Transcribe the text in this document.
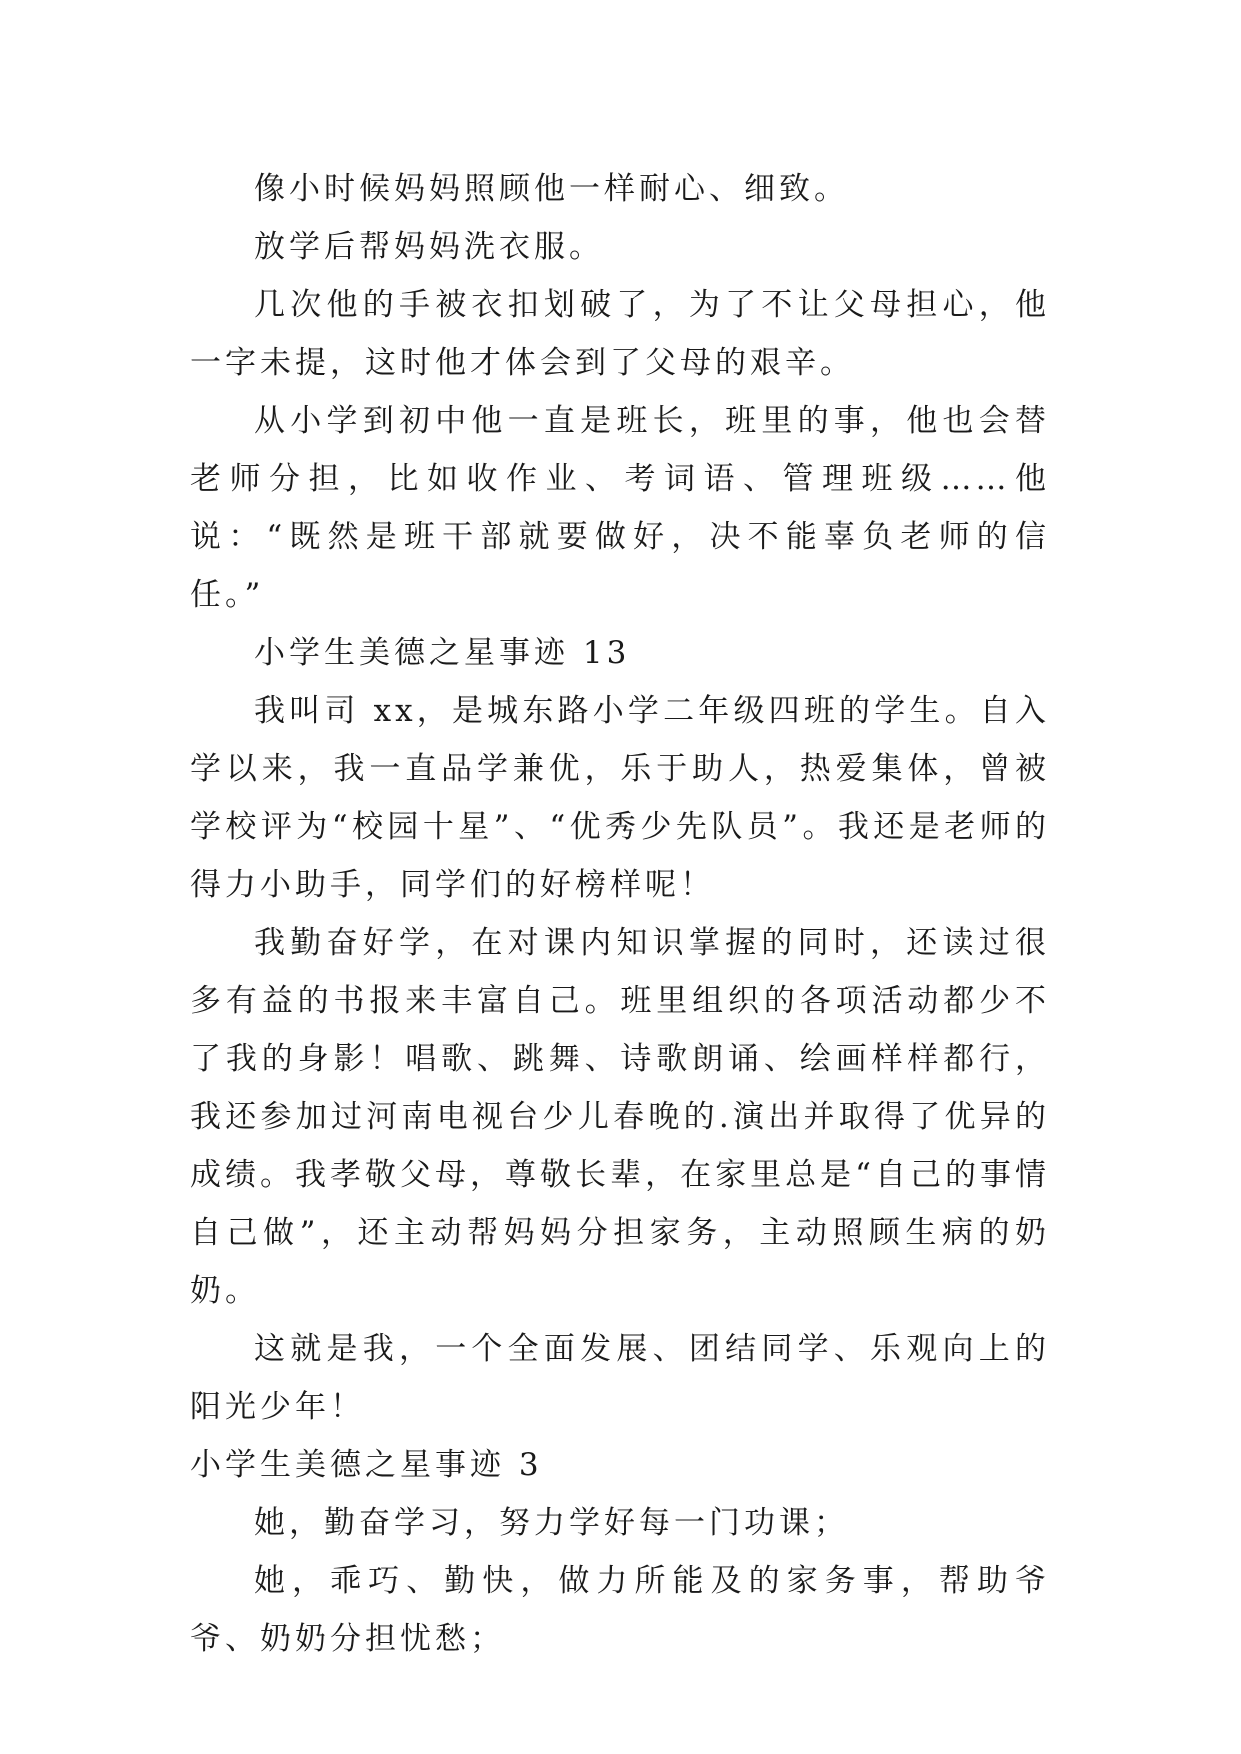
像小时候妈妈照顾他一样耐心、细致。

放学后帮妈妈洗衣服。

几次他的手被衣扣划破了，为了不让父母担心，他一字未提，这时他才体会到了父母的艰辛。

从小学到初中他一直是班长，班里的事，他也会替老师分担，比如收作业、考词语、管理班级……他说：“既然是班干部就要做好，决不能辜负老师的信任。”

小学生美德之星事迹 13

我叫司 xx，是城东路小学二年级四班的学生。自入学以来，我一直品学兼优，乐于助人，热爱集体，曾被学校评为“校园十星”、“优秀少先队员”。我还是老师的得力小助手，同学们的好榜样呢！

我勤奋好学，在对课内知识掌握的同时，还读过很多有益的书报来丰富自己。班里组织的各项活动都少不了我的身影！唱歌、跳舞、诗歌朗诵、绘画样样都行，我还参加过河南电视台少儿春晚的.演出并取得了优异的成绩。我孝敬父母，尊敬长辈，在家里总是“自己的事情自己做”，还主动帮妈妈分担家务，主动照顾生病的奶奶。

这就是我，一个全面发展、团结同学、乐观向上的阳光少年！

小学生美德之星事迹 3

她，勤奋学习，努力学好每一门功课；

她，乖巧、勤快，做力所能及的家务事，帮助爷爷、奶奶分担忧愁；
